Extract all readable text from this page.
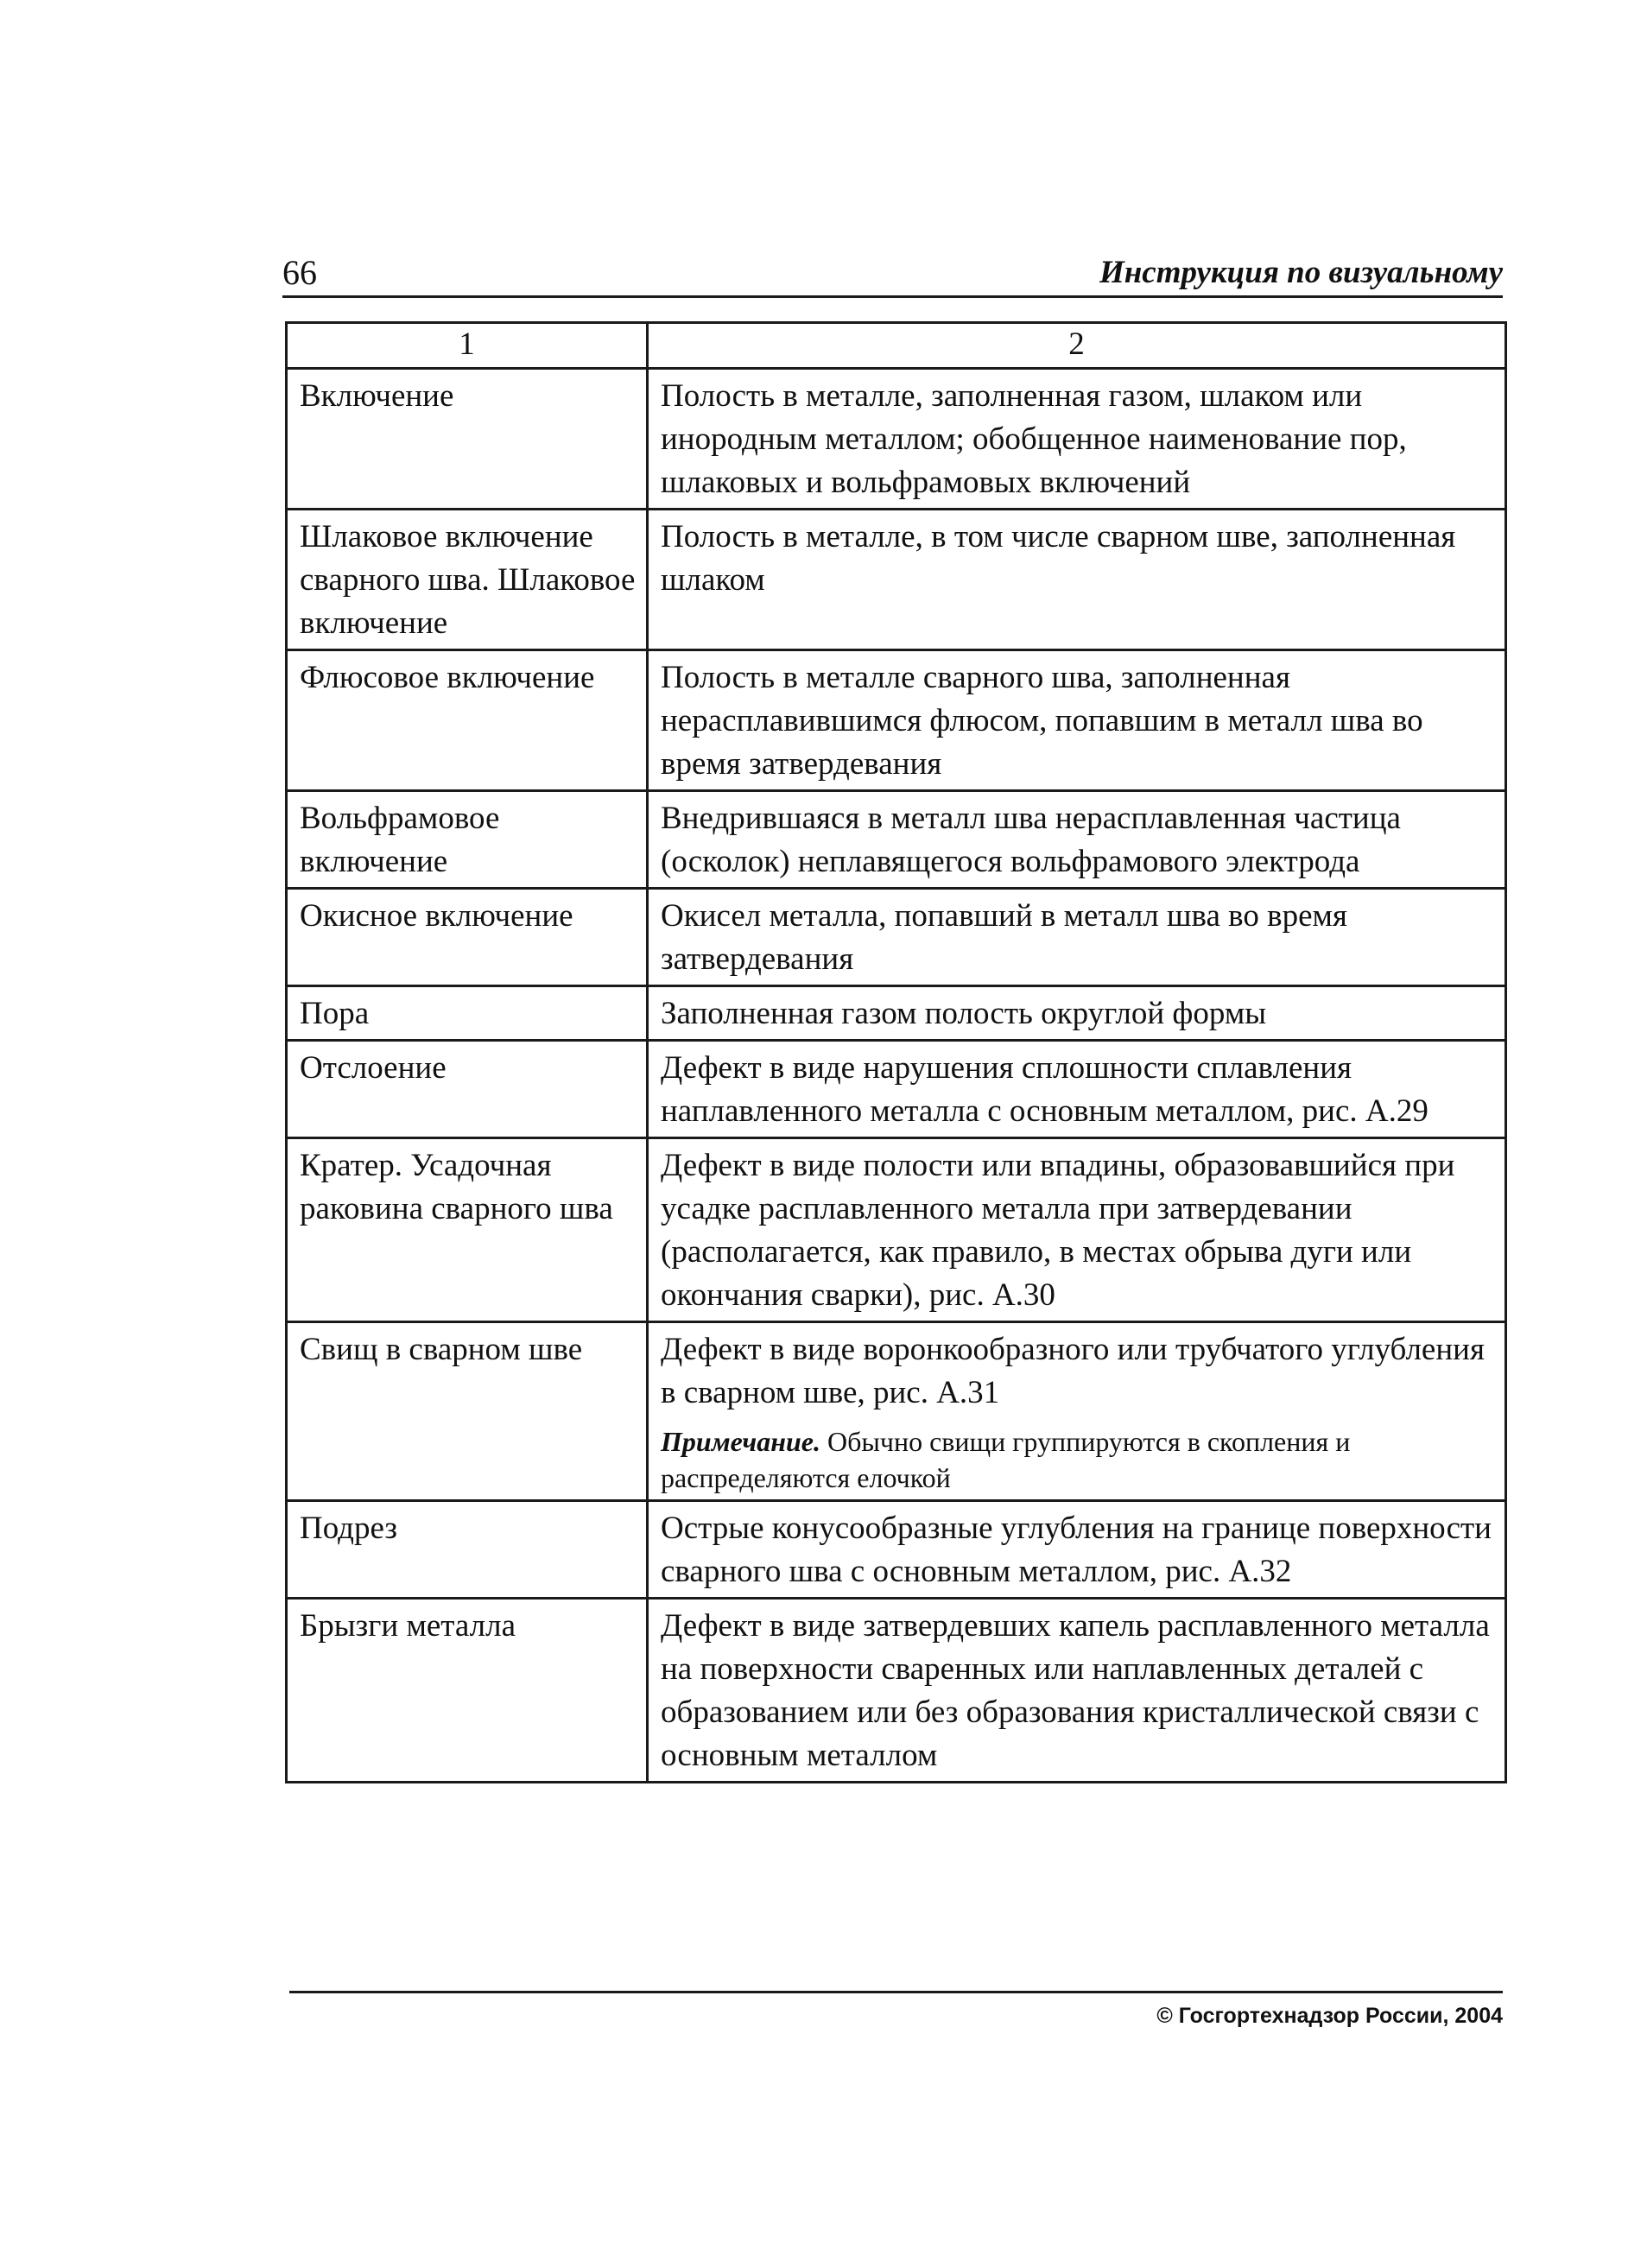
66	Инструкция по визуальному
1	2
Включение	Полость в металле, заполненная газом, шлаком или инородным металлом; обобщенное наименование пор, шлаковых и вольфрамовых включений
Шлаковое включение сварного шва. Шлаковое включение	Полость в металле, в том числе сварном шве, заполненная шлаком
Флюсовое включение	Полость в металле сварного шва, заполненная нерасплавившимся флюсом, попавшим в металл шва во время затвердевания
Вольфрамовое включение	Внедрившаяся в металл шва нерасплавленная частица (осколок) неплавящегося вольфрамового электрода
Окисное включение	Окисел металла, попавший в металл шва во время затвердевания
Пора	Заполненная газом полость округлой формы
Отслоение	Дефект в виде нарушения сплошности сплавления наплавленного металла с основным металлом, рис. А.29
Кратер. Усадочная раковина сварного шва	Дефект в виде полости или впадины, образовавшийся при усадке расплавленного металла при затвердевании (располагается, как правило, в местах обрыва дуги или окончания сварки), рис. А.30
Свищ в сварном шве	Дефект в виде воронкообразного или трубчатого углубления в сварном шве, рис. А.31
Примечание. Обычно свищи группируются в скопления и распределяются елочкой

Подрез	Острые конусообразные углубления на границе поверхности сварного шва с основным металлом, рис. А.32
Брызги металла	Дефект в виде затвердевших капель расплавленного металла на поверхности сваренных или наплавленных деталей с образованием или без образования кристаллической связи с основным металлом
© Госгортехнадзор России, 2004
